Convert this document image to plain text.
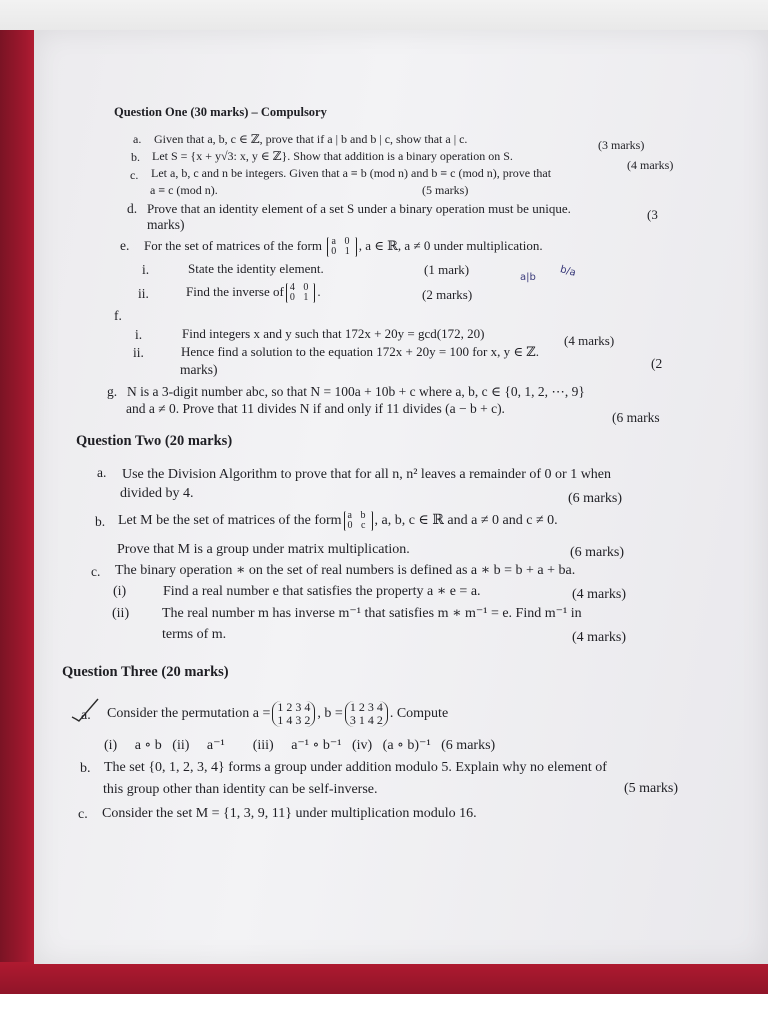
Question One (30 marks) – Compulsory
a. Given that a, b, c ∈ ℤ, prove that if a | b and b | c, show that a | c.	(3 marks)
b. Let S = {x + y√3: x, y ∈ ℤ}. Show that addition is a binary operation on S.
(4 marks)
c. Let a, b, c and n be integers. Given that a ≡ b (mod n) and b ≡ c (mod n), prove that
a ≡ c (mod n).	(5 marks)
d. Prove that an identity element of a set S under a binary operation must be unique.	(3
marks)
e. For the set of matrices of the form a 0
0 1 , a ∈ ℝ, a ≠ 0 under multiplication.
i.	State the identity element.	(1 mark)
a|b b/a
ii.	Find the inverse of 4 0
0 1 .	(2 marks)
f.
i.	Find integers x and y such that 172x + 20y = gcd(172, 20)	(4 marks)
ii.	Hence find a solution to the equation 172x + 20y = 100 for x, y ∈ ℤ.
(2
marks)
g. N is a 3-digit number abc, so that N = 100a + 10b + c where a, b, c ∈ {0, 1, 2, ⋯, 9}
and a ≠ 0. Prove that 11 divides N if and only if 11 divides (a − b + c).
(6 marks
Question Two (20 marks)
a. Use the Division Algorithm to prove that for all n, n² leaves a remainder of 0 or 1 when
divided by 4.	(6 marks)
b. Let M be the set of matrices of the form a b
0 c , a, b, c ∈ ℝ and a ≠ 0 and c ≠ 0.
Prove that M is a group under matrix multiplication.	(6 marks)
c. The binary operation ∗ on the set of real numbers is defined as a ∗ b = b + a + ba.
(i)	Find a real number e that satisfies the property a ∗ e = a.	(4 marks)
(ii) The real number m has inverse m⁻¹ that satisfies m ∗ m⁻¹ = e. Find m⁻¹ in
terms of m.	(4 marks)
Question Three (20 marks)
a. Consider the permutation a = 1 2 3 4
1 4 3 2 , b = 1 2 3 4
3 1 4 2 . Compute
(i)     a ∘ b   (ii)     a⁻¹        (iii)     a⁻¹ ∘ b⁻¹   (iv)   (a ∘ b)⁻¹   (6 marks)
b. The set {0, 1, 2, 3, 4} forms a group under addition modulo 5. Explain why no element of
this group other than identity can be self-inverse.	(5 marks)
c. Consider the set M = {1, 3, 9, 11} under multiplication modulo 16.
